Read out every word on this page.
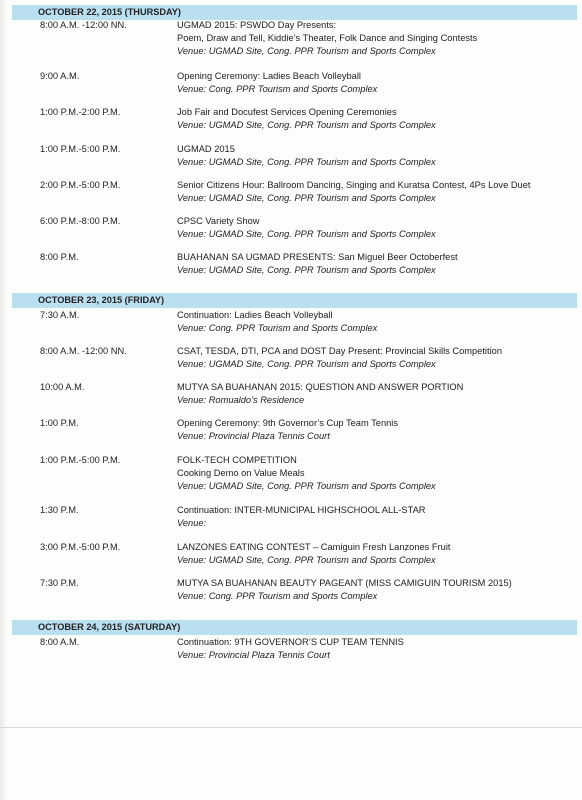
OCTOBER 22, 2015 (THURSDAY)
8:00 A.M. -12:00 NN.	UGMAD 2015: PSWDO Day Presents:
Poem, Draw and Tell, Kiddie’s Theater, Folk Dance and Singing Contests
Venue: UGMAD Site, Cong. PPR Tourism and Sports Complex
9:00 A.M.	Opening Ceremony: Ladies Beach Volleyball
Venue: Cong. PPR Tourism and Sports Complex
1:00 P.M.-2:00 P.M.	Job Fair and Docufest Services Opening Ceremonies
Venue: UGMAD Site, Cong. PPR Tourism and Sports Complex
1:00 P.M.-5:00 P.M.	UGMAD 2015
Venue: UGMAD Site, Cong. PPR Tourism and Sports Complex
2:00 P.M.-5:00 P.M.	Senior Citizens Hour: Ballroom Dancing, Singing and Kuratsa Contest, 4Ps Love Duet
Venue: UGMAD Site, Cong. PPR Tourism and Sports Complex
6:00 P.M.-8:00 P.M.	CPSC Variety Show
Venue: UGMAD Site, Cong. PPR Tourism and Sports Complex
8:00 P.M.	BUAHANAN SA UGMAD PRESENTS: San Miguel Beer Octoberfest
Venue: UGMAD Site, Cong. PPR Tourism and Sports Complex
OCTOBER 23, 2015 (FRIDAY)
7:30 A.M.	Continuation: Ladies Beach Volleyball
Venue: Cong. PPR Tourism and Sports Complex
8:00 A.M. -12:00 NN.	CSAT, TESDA, DTI, PCA and DOST Day Present: Provincial Skills Competition
Venue: UGMAD Site, Cong. PPR Tourism and Sports Complex
10:00 A.M.	MUTYA SA BUAHANAN 2015: QUESTION AND ANSWER PORTION
Venue: Romualdo’s Residence
1:00 P.M.	Opening Ceremony: 9th Governor’s Cup Team Tennis
Venue: Provincial Plaza Tennis Court
1:00 P.M.-5:00 P.M.	FOLK-TECH COMPETITION
Cooking Demo on Value Meals
Venue: UGMAD Site, Cong. PPR Tourism and Sports Complex
1:30 P.M.	Continuation: INTER-MUNICIPAL HIGHSCHOOL ALL-STAR
Venue:
3:00 P.M.-5:00 P.M.	LANZONES EATING CONTEST – Camiguin Fresh Lanzones Fruit
Venue: UGMAD Site, Cong. PPR Tourism and Sports Complex
7:30 P.M.	MUTYA SA BUAHANAN BEAUTY PAGEANT (MISS CAMIGUIN TOURISM 2015)
Venue: Cong. PPR Tourism and Sports Complex
OCTOBER 24, 2015 (SATURDAY)
8:00 A.M.	Continuation: 9TH GOVERNOR’S CUP TEAM TENNIS
Venue: Provincial Plaza Tennis Court
